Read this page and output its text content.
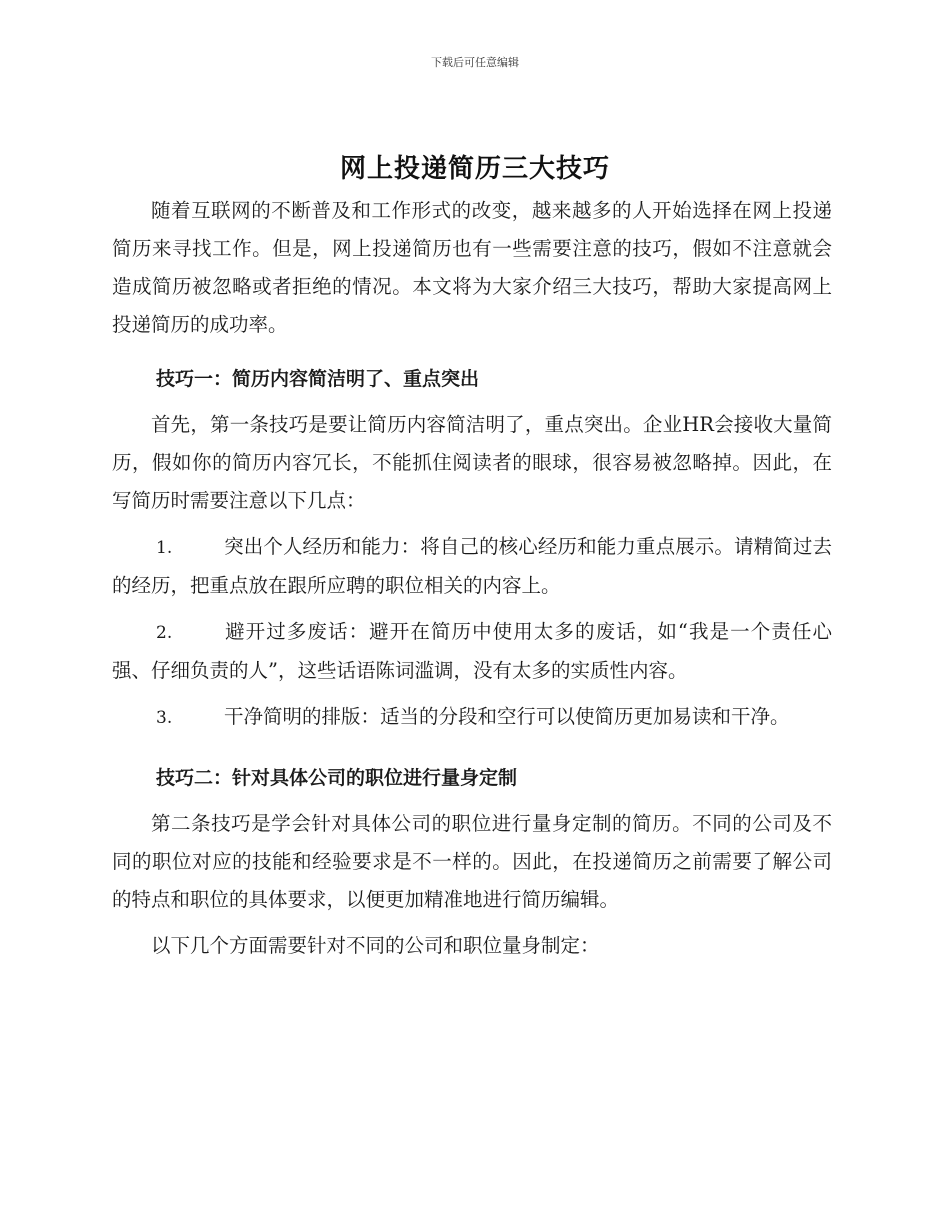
下载后可任意编辑
网上投递简历三大技巧

随着互联网的不断普及和工作形式的改变，越来越多的人开始选择在网上投递简历来寻找工作。但是，网上投递简历也有一些需要注意的技巧，假如不注意就会造成简历被忽略或者拒绝的情况。本文将为大家介绍三大技巧，帮助大家提高网上投递简历的成功率。

技巧一：简历内容简洁明了、重点突出

首先，第一条技巧是要让简历内容简洁明了，重点突出。企业HR会接收大量简历，假如你的简历内容冗长，不能抓住阅读者的眼球，很容易被忽略掉。因此，在写简历时需要注意以下几点：

1.	突出个人经历和能力：将自己的核心经历和能力重点展示。请精简过去的经历，把重点放在跟所应聘的职位相关的内容上。

2.	避开过多废话：避开在简历中使用太多的废话，如“我是一个责任心强、仔细负责的人”，这些话语陈词滥调，没有太多的实质性内容。

3.	干净简明的排版：适当的分段和空行可以使简历更加易读和干净。

技巧二：针对具体公司的职位进行量身定制

第二条技巧是学会针对具体公司的职位进行量身定制的简历。不同的公司及不同的职位对应的技能和经验要求是不一样的。因此，在投递简历之前需要了解公司的特点和职位的具体要求，以便更加精准地进行简历编辑。

以下几个方面需要针对不同的公司和职位量身制定：
